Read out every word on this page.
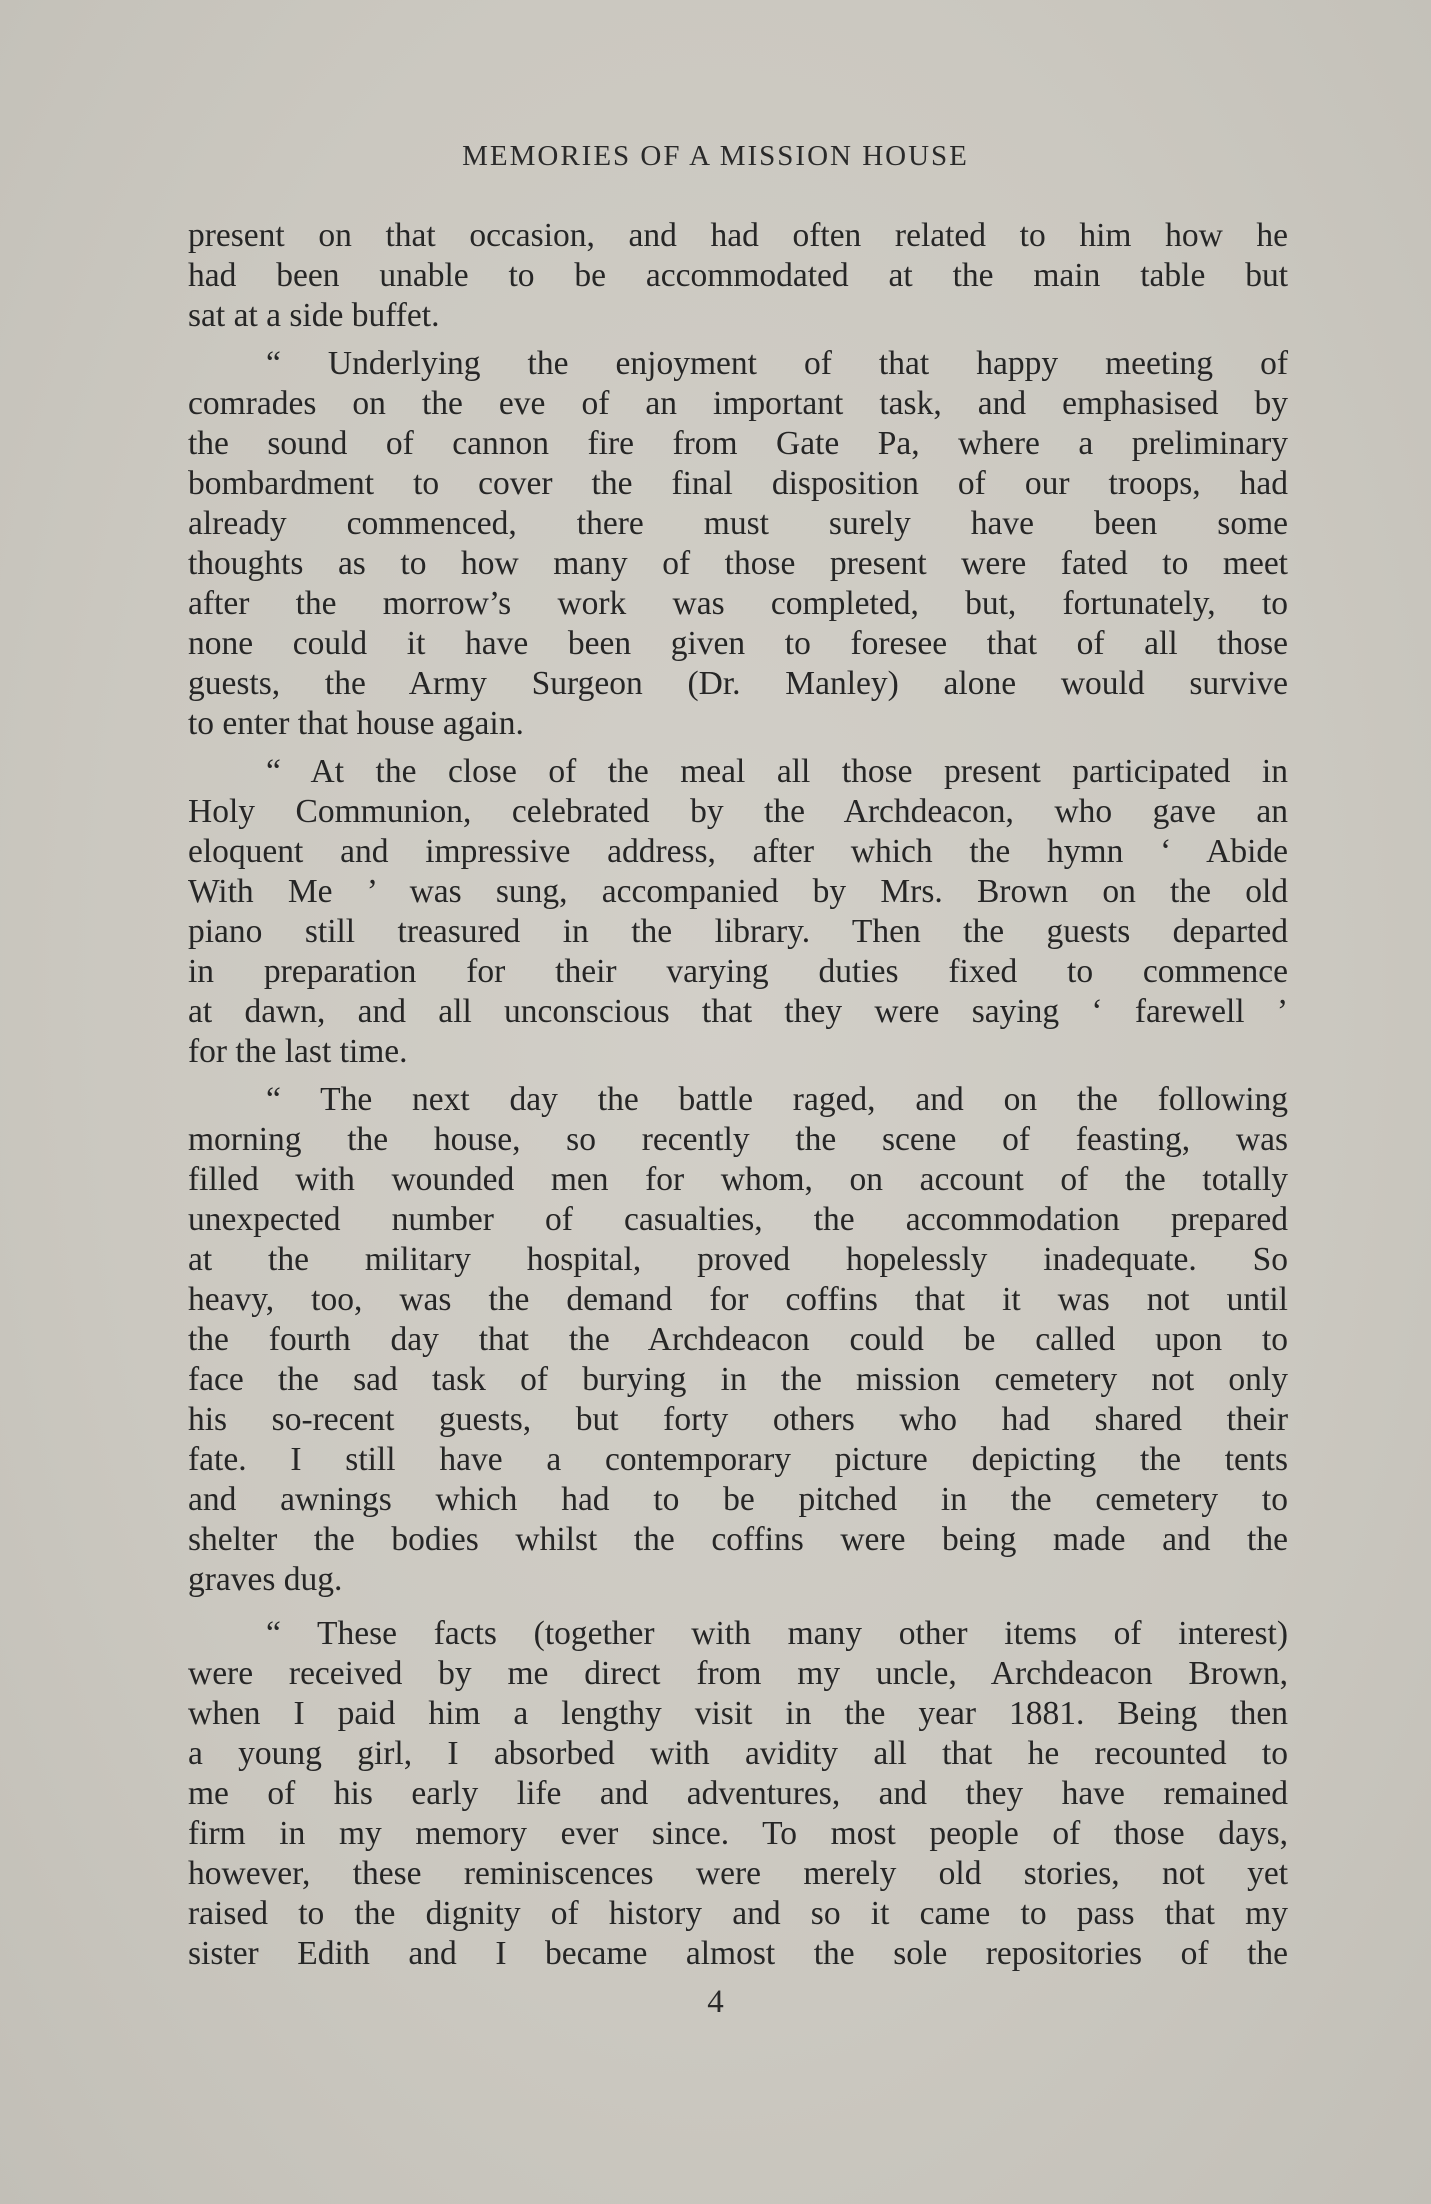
MEMORIES OF A MISSION HOUSE
present on that occasion, and had often related to him how he
had been unable to be accommodated at the main table but
sat at a side buffet.
“ Underlying the enjoyment of that happy meeting of
comrades on the eve of an important task, and emphasised by
the sound of cannon fire from Gate Pa, where a preliminary
bombardment to cover the final disposition of our troops, had
already commenced, there must surely have been some
thoughts as to how many of those present were fated to meet
after the morrow’s work was completed, but, fortunately, to
none could it have been given to foresee that of all those
guests, the Army Surgeon (Dr. Manley) alone would survive
to enter that house again.
“ At the close of the meal all those present participated in
Holy Communion, celebrated by the Archdeacon, who gave an
eloquent and impressive address, after which the hymn ‘ Abide
With Me ’ was sung, accompanied by Mrs. Brown on the old
piano still treasured in the library. Then the guests departed
in preparation for their varying duties fixed to commence
at dawn, and all unconscious that they were saying ‘ farewell ’
for the last time.
“ The next day the battle raged, and on the following
morning the house, so recently the scene of feasting, was
filled with wounded men for whom, on account of the totally
unexpected number of casualties, the accommodation prepared
at the military hospital, proved hopelessly inadequate. So
heavy, too, was the demand for coffins that it was not until
the fourth day that the Archdeacon could be called upon to
face the sad task of burying in the mission cemetery not only
his so-recent guests, but forty others who had shared their
fate. I still have a contemporary picture depicting the tents
and awnings which had to be pitched in the cemetery to
shelter the bodies whilst the coffins were being made and the
graves dug.
“ These facts (together with many other items of interest)
were received by me direct from my uncle, Archdeacon Brown,
when I paid him a lengthy visit in the year 1881. Being then
a young girl, I absorbed with avidity all that he recounted to
me of his early life and adventures, and they have remained
firm in my memory ever since. To most people of those days,
however, these reminiscences were merely old stories, not yet
raised to the dignity of history and so it came to pass that my
sister Edith and I became almost the sole repositories of the
4
